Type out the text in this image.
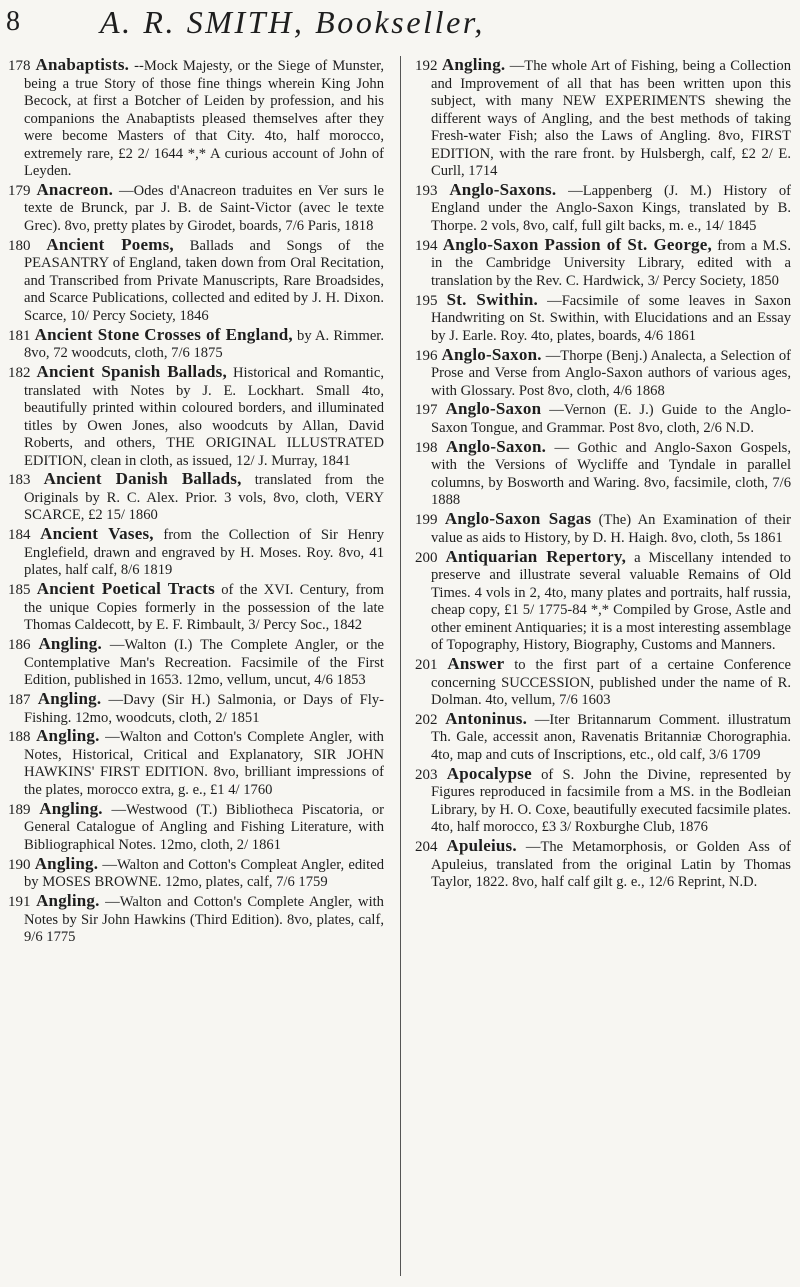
8	A. R. SMITH, Bookseller,

178 Anabaptists. --Mock Majesty, or the Siege of Munster, being a true Story of those fine things wherein King John Becock, at first a Botcher of Leiden by profession, and his companions the Anabaptists pleased themselves after they were become Masters of that City. 4to, half morocco, extremely rare, £2 2/ 1644 *,* A curious account of John of Leyden.

179 Anacreon. —Odes d'Anacreon traduites en Ver surs le texte de Brunck, par J. B. de Saint-Victor (avec le texte Grec). 8vo, pretty plates by Girodet, boards, 7/6 Paris, 1818

180 Ancient Poems, Ballads and Songs of the PEASANTRY of England, taken down from Oral Recitation, and Transcribed from Private Manuscripts, Rare Broadsides, and Scarce Publications, collected and edited by J. H. Dixon. Scarce, 10/ Percy Society, 1846

181 Ancient Stone Crosses of England, by A. Rimmer. 8vo, 72 woodcuts, cloth, 7/6 1875

182 Ancient Spanish Ballads, Historical and Romantic, translated with Notes by J. E. Lockhart. Small 4to, beautifully printed within coloured borders, and illuminated titles by Owen Jones, also woodcuts by Allan, David Roberts, and others, THE ORIGINAL ILLUSTRATED EDITION, clean in cloth, as issued, 12/ J. Murray, 1841

183 Ancient Danish Ballads, translated from the Originals by R. C. Alex. Prior. 3 vols, 8vo, cloth, VERY SCARCE, £2 15/ 1860

184 Ancient Vases, from the Collection of Sir Henry Englefield, drawn and engraved by H. Moses. Roy. 8vo, 41 plates, half calf, 8/6 1819

185 Ancient Poetical Tracts of the XVI. Century, from the unique Copies formerly in the possession of the late Thomas Caldecott, by E. F. Rimbault, 3/ Percy Soc., 1842

186 Angling. —Walton (I.) The Complete Angler, or the Contemplative Man's Recreation. Facsimile of the First Edition, published in 1653. 12mo, vellum, uncut, 4/6 1853

187 Angling. —Davy (Sir H.) Salmonia, or Days of Fly-Fishing. 12mo, woodcuts, cloth, 2/ 1851

188 Angling. —Walton and Cotton's Complete Angler, with Notes, Historical, Critical and Explanatory, SIR JOHN HAWKINS' FIRST EDITION. 8vo, brilliant impressions of the plates, morocco extra, g. e., £1 4/ 1760

189 Angling. —Westwood (T.) Bibliotheca Piscatoria, or General Catalogue of Angling and Fishing Literature, with Bibliographical Notes. 12mo, cloth, 2/ 1861

190 Angling. —Walton and Cotton's Compleat Angler, edited by MOSES BROWNE. 12mo, plates, calf, 7/6 1759

191 Angling. —Walton and Cotton's Complete Angler, with Notes by Sir John Hawkins (Third Edition). 8vo, plates, calf, 9/6 1775

192 Angling. —The whole Art of Fishing, being a Collection and Improvement of all that has been written upon this subject, with many NEW EXPERIMENTS shewing the different ways of Angling, and the best methods of taking Fresh-water Fish; also the Laws of Angling. 8vo, FIRST EDITION, with the rare front. by Hulsbergh, calf, £2 2/ E. Curll, 1714

193 Anglo-Saxons. —Lappenberg (J. M.) History of England under the Anglo-Saxon Kings, translated by B. Thorpe. 2 vols, 8vo, calf, full gilt backs, m. e., 14/ 1845

194 Anglo-Saxon Passion of St. George, from a M.S. in the Cambridge University Library, edited with a translation by the Rev. C. Hardwick, 3/ Percy Society, 1850

195 St. Swithin. —Facsimile of some leaves in Saxon Handwriting on St. Swithin, with Elucidations and an Essay by J. Earle. Roy. 4to, plates, boards, 4/6 1861

196 Anglo-Saxon. —Thorpe (Benj.) Analecta, a Selection of Prose and Verse from Anglo-Saxon authors of various ages, with Glossary. Post 8vo, cloth, 4/6 1868

197 Anglo-Saxon —Vernon (E. J.) Guide to the Anglo-Saxon Tongue, and Grammar. Post 8vo, cloth, 2/6 N.D.

198 Anglo-Saxon. — Gothic and Anglo-Saxon Gospels, with the Versions of Wycliffe and Tyndale in parallel columns, by Bosworth and Waring. 8vo, facsimile, cloth, 7/6 1888

199 Anglo-Saxon Sagas (The) An Examination of their value as aids to History, by D. H. Haigh. 8vo, cloth, 5s 1861

200 Antiquarian Repertory, a Miscellany intended to preserve and illustrate several valuable Remains of Old Times. 4 vols in 2, 4to, many plates and portraits, half russia, cheap copy, £1 5/ 1775-84 *,* Compiled by Grose, Astle and other eminent Antiquaries; it is a most interesting assemblage of Topography, History, Biography, Customs and Manners.

201 Answer to the first part of a certaine Conference concerning SUCCESSION, published under the name of R. Dolman. 4to, vellum, 7/6 1603

202 Antoninus. —Iter Britannarum Comment. illustratum Th. Gale, accessit anon, Ravenatis Britanniæ Chorographia. 4to, map and cuts of Inscriptions, etc., old calf, 3/6 1709

203 Apocalypse of S. John the Divine, represented by Figures reproduced in facsimile from a MS. in the Bodleian Library, by H. O. Coxe, beautifully executed facsimile plates. 4to, half morocco, £3 3/ Roxburghe Club, 1876

204 Apuleius. —The Metamorphosis, or Golden Ass of Apuleius, translated from the original Latin by Thomas Taylor, 1822. 8vo, half calf gilt g. e., 12/6 Reprint, N.D.
